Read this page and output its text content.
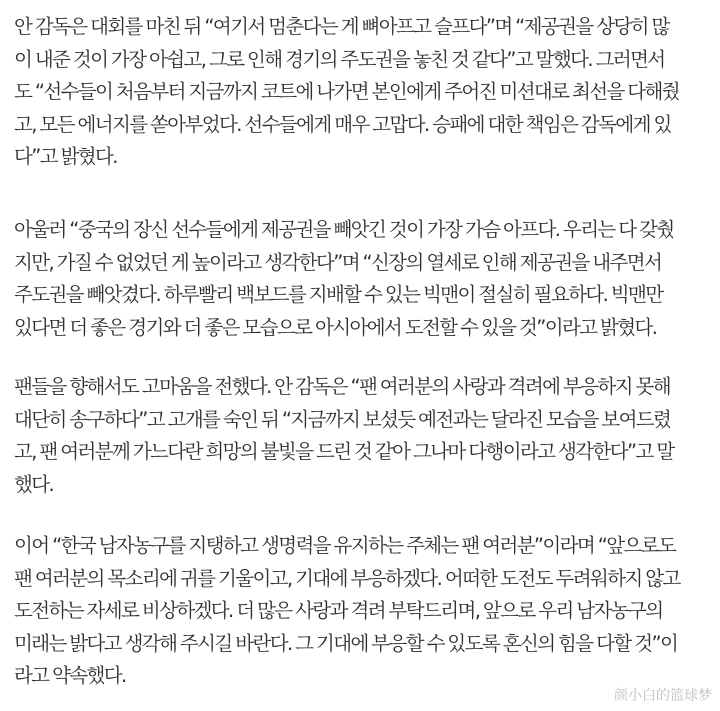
안 감독은 대회를 마친 뒤 “여기서 멈춘다는 게 뼈아프고 슬프다”며 “제공권을 상당히 많
이 내준 것이 가장 아쉽고, 그로 인해 경기의 주도권을 놓친 것 같다”고 말했다. 그러면서
도 “선수들이 처음부터 지금까지 코트에 나가면 본인에게 주어진 미션대로 최선을 다해줬
고, 모든 에너지를 쏟아부었다. 선수들에게 매우 고맙다. 승패에 대한 책임은 감독에게 있
다”고 밝혔다.
아울러 “중국의 장신 선수들에게 제공권을 빼앗긴 것이 가장 가슴 아프다. 우리는 다 갖췄
지만, 가질 수 없었던 게 높이라고 생각한다”며 “신장의 열세로 인해 제공권을 내주면서
주도권을 빼앗겼다. 하루빨리 백보드를 지배할 수 있는 빅맨이 절실히 필요하다. 빅맨만
있다면 더 좋은 경기와 더 좋은 모습으로 아시아에서 도전할 수 있을 것”이라고 밝혔다.
팬들을 향해서도 고마움을 전했다. 안 감독은 “팬 여러분의 사랑과 격려에 부응하지 못해
대단히 송구하다”고 고개를 숙인 뒤 “지금까지 보셨듯 예전과는 달라진 모습을 보여드렸
고, 팬 여러분께 가느다란 희망의 불빛을 드린 것 같아 그나마 다행이라고 생각한다”고 말
했다.
이어 “한국 남자농구를 지탱하고 생명력을 유지하는 주체는 팬 여러분”이라며 “앞으로도
팬 여러분의 목소리에 귀를 기울이고, 기대에 부응하겠다. 어떠한 도전도 두려워하지 않고
도전하는 자세로 비상하겠다. 더 많은 사랑과 격려 부탁드리며, 앞으로 우리 남자농구의
미래는 밝다고 생각해 주시길 바란다. 그 기대에 부응할 수 있도록 혼신의 힘을 다할 것”이
라고 약속했다.
颜小白的篮球梦
